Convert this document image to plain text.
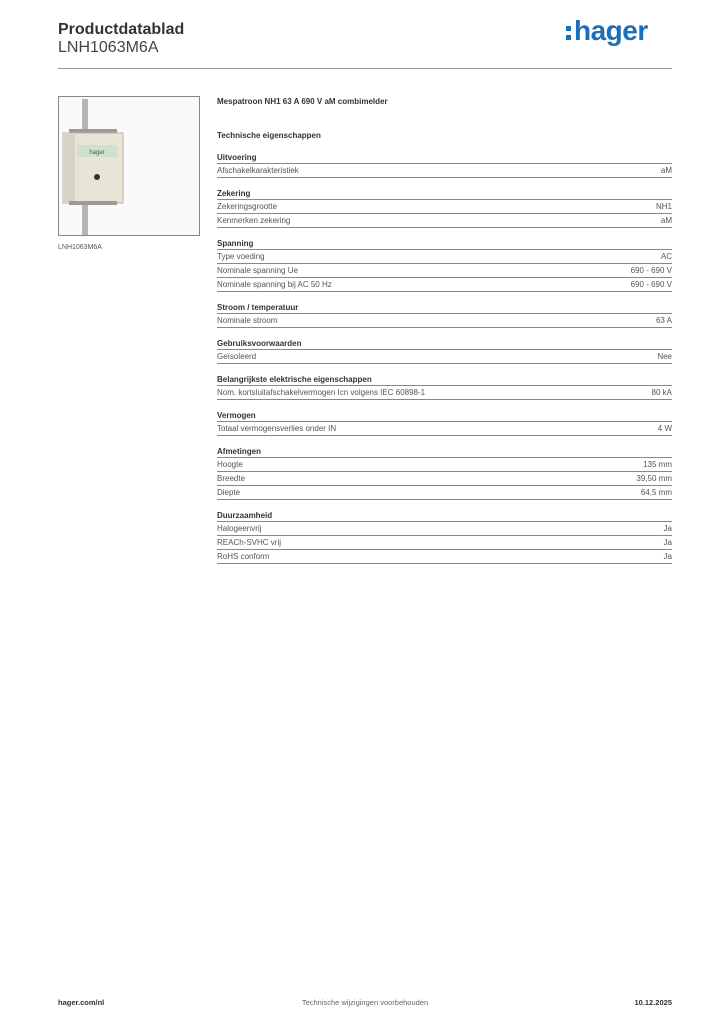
Productdatablad
LNH1063M6A
hager
hager
LNH1063M6A
Mespatroon NH1 63 A 690 V aM combimelder
Technische eigenschappen
Uitvoering
Afschakelkarakteristiek	aM
Zekering
Zekeringsgrootte	NH1
Kenmerken zekering	aM
Spanning
Type voeding	AC
Nominale spanning Ue	690 - 690 V
Nominale spanning bij AC 50 Hz	690 - 690 V
Stroom / temperatuur
Nominale stroom	63 A
Gebruiksvoorwaarden
Geïsoleerd	Nee
Belangrijkste elektrische eigenschappen
Nom. kortsluitafschakelvermogen Icn volgens IEC 60898-1	80 kA
Vermogen
Totaal vermogensverlies onder IN	4 W
Afmetingen
Hoogte	135 mm
Breedte	39,50 mm
Diepte	64,5 mm
Duurzaamheid
Halogeenvrij	Ja
REACh-SVHC vrij	Ja
RoHS conform	Ja
hager.com/nl	Technische wijzigingen voorbehouden	10.12.2025
